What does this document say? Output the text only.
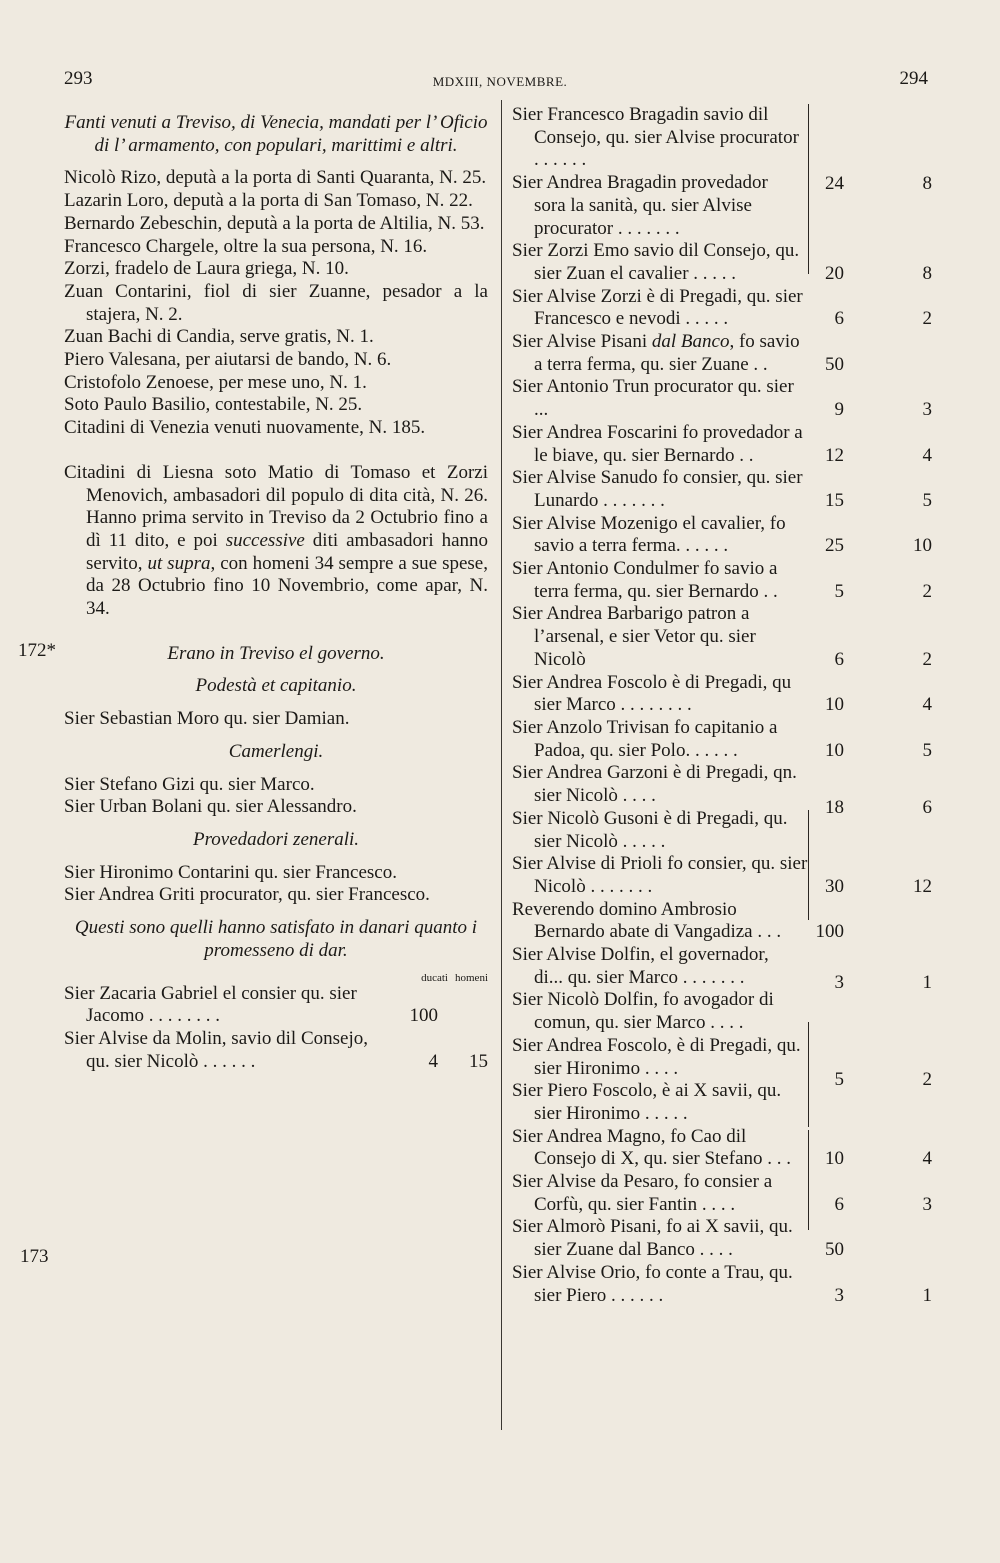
293	MDXIII, NOVEMBRE.	294

Fanti venuti a Treviso, di Venecia, mandati per l’ Oficio di l’ armamento, con populari, marittimi e altri.

Nicolò Rizo, deputà a la porta di Santi Quaranta, N. 25.

Lazarin Loro, deputà a la porta di San Tomaso, N. 22.

Bernardo Zebeschin, deputà a la porta de Altilia, N. 53.

Francesco Chargele, oltre la sua persona, N. 16.

Zorzi, fradelo de Laura griega, N. 10.

Zuan Contarini, fiol di sier Zuanne, pesador a la stajera, N. 2.

Zuan Bachi di Candia, serve gratis, N. 1.

Piero Valesana, per aiutarsi de bando, N. 6.

Cristofolo Zenoese, per mese uno, N. 1.

Soto Paulo Basilio, contestabile, N. 25.

Citadini di Venezia venuti nuovamente, N. 185.

Citadini di Liesna soto Matio di Tomaso et Zorzi Menovich, ambasadori dil populo di dita cità, N. 26. Hanno prima servito in Treviso da 2 Octubrio fino a dì 11 dito, e poi successive diti ambasadori hanno servito, ut supra, con homeni 34 sempre a sue spese, da 28 Octubrio fino 10 Novembrio, come apar, N. 34.

Erano in Treviso el governo.

Podestà et capitanio.

Sier Sebastian Moro qu. sier Damian.

Camerlengi.

Sier Stefano Gizi qu. sier Marco.

Sier Urban Bolani qu. sier Alessandro.

Provedadori zenerali.

Sier Hironimo Contarini qu. sier Francesco.

Sier Andrea Griti procurator, qu. sier Francesco.

Questi sono quelli hanno satisfato in danari quanto i promesseno di dar.

ducati homeni

Sier Zacaria Gabriel el consier qu. sier

Jacomo . . . . . . . .	100

Sier Alvise da Molin, savio dil Consejo,

qu. sier Nicolò . . . . . .	4 15
172*
173
Sier Francesco Bragadin savio dil Consejo, qu. sier Alvise procurator . . . . . .
Sier Andrea Bragadin provedador sora la sanità, qu. sier Alvise procurator . . . . . . .
24	8
Sier Zorzi Emo savio dil Consejo, qu. sier Zuan el cavalier . . . . .	20	8
Sier Alvise Zorzi è di Pregadi, qu. sier Francesco e nevodi . . . . .	6	2
Sier Alvise Pisani dal Banco, fo savio a terra ferma, qu. sier Zuane . .	50
Sier Antonio Trun procurator qu. sier ...	9	3
Sier Andrea Foscarini fo provedador a le biave, qu. sier Bernardo . .	12	4
Sier Alvise Sanudo fo consier, qu. sier Lunardo . . . . . . .	15	5
Sier Alvise Mozenigo el cavalier, fo savio a terra ferma. . . . . .	25	10
Sier Antonio Condulmer fo savio a terra ferma, qu. sier Bernardo . .	5	2
Sier Andrea Barbarigo patron a l’arsenal, e sier Vetor qu. sier Nicolò	6	2
Sier Andrea Foscolo è di Pregadi, qu sier Marco . . . . . . . .	10	4
Sier Anzolo Trivisan fo capitanio a Padoa, qu. sier Polo. . . . . .	10	5
Sier Andrea Garzoni è di Pregadi, qn. sier Nicolò . . . .
Sier Nicolò Gusoni è di Pregadi, qu. sier Nicolò . . . . .
18	6
Sier Alvise di Prioli fo consier, qu. sier Nicolò . . . . . . .	30	12
Reverendo domino Ambrosio Bernardo abate di Vangadiza . . .	100
Sier Alvise Dolfin, el governador, di... qu. sier Marco . . . . . . .
Sier Nicolò Dolfin, fo avogador di comun, qu. sier Marco . . . .
3	1
Sier Andrea Foscolo, è di Pregadi, qu. sier Hironimo . . . .
Sier Piero Foscolo, è ai X savii, qu. sier Hironimo . . . . .
5	2
Sier Andrea Magno, fo Cao dil Consejo di X, qu. sier Stefano . . .	10	4
Sier Alvise da Pesaro, fo consier a Corfù, qu. sier Fantin . . . .	6	3
Sier Almorò Pisani, fo ai X savii, qu. sier Zuane dal Banco . . . .	50
Sier Alvise Orio, fo conte a Trau, qu. sier Piero . . . . . .	3	1
